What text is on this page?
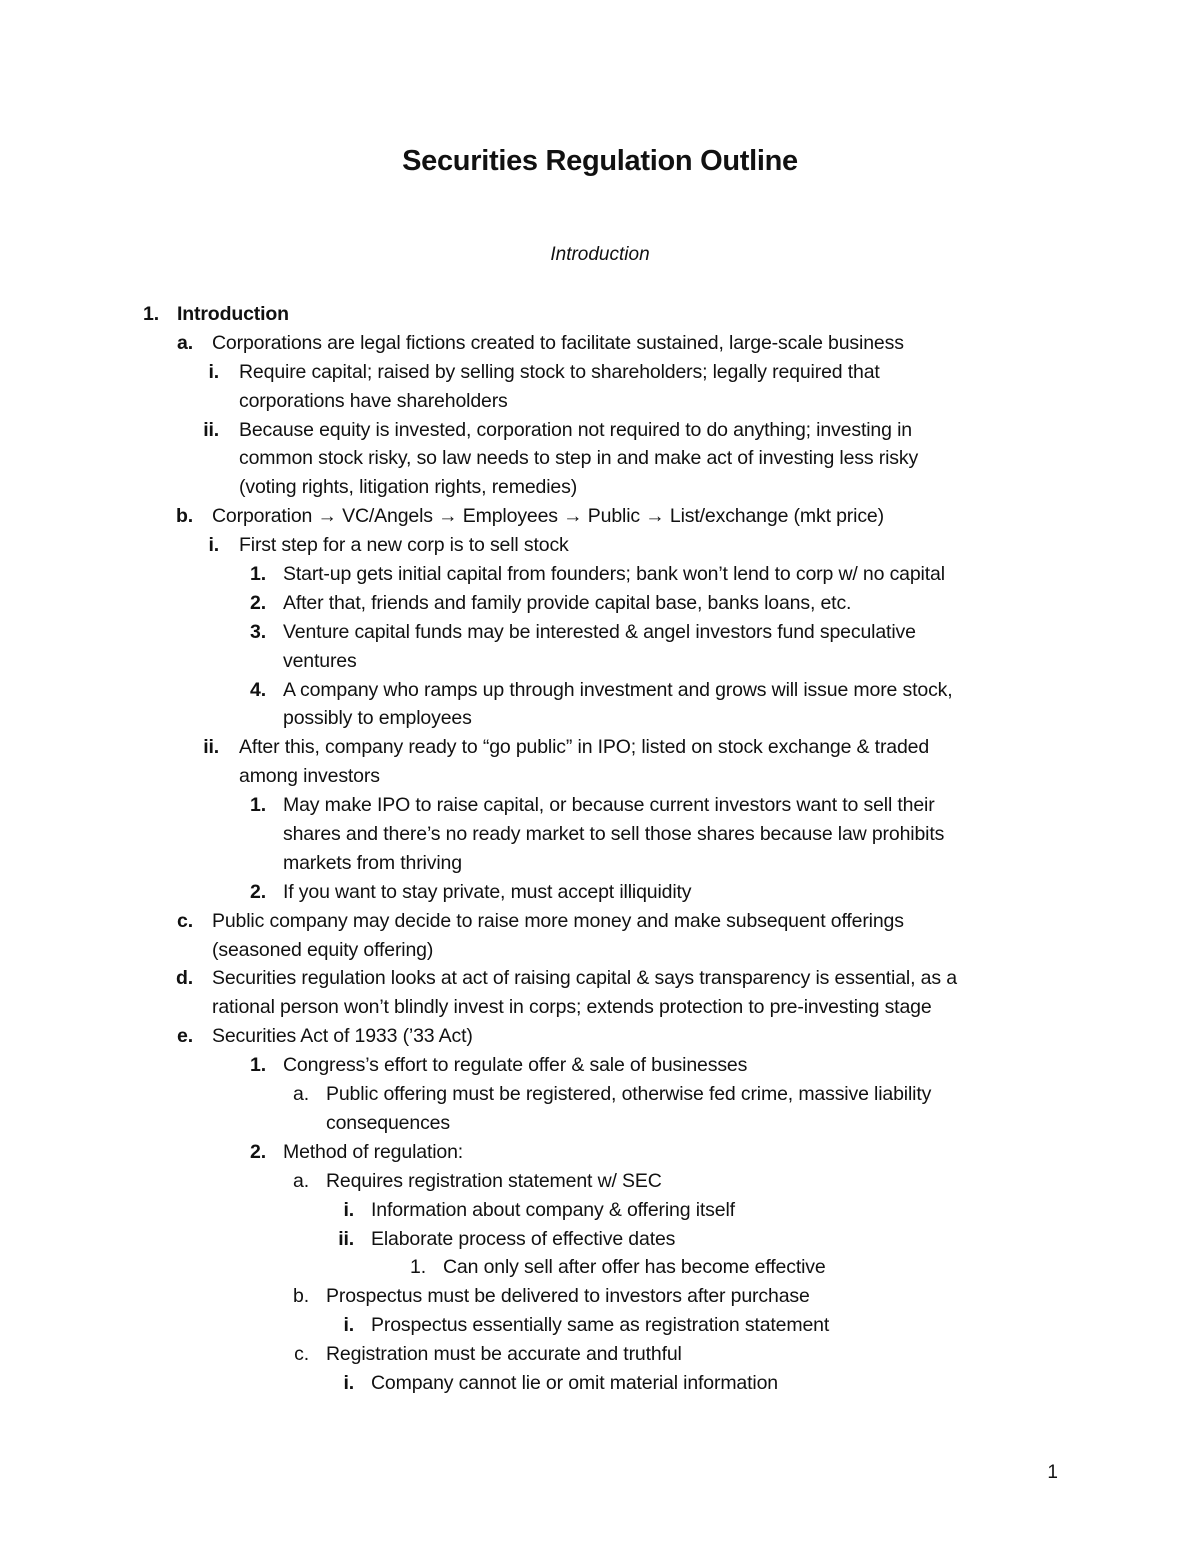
Securities Regulation Outline
Introduction
1. Introduction
a. Corporations are legal fictions created to facilitate sustained, large-scale business
i. Require capital; raised by selling stock to shareholders; legally required that
corporations have shareholders
ii. Because equity is invested, corporation not required to do anything; investing in
common stock risky, so law needs to step in and make act of investing less risky
(voting rights, litigation rights, remedies)
b. Corporation → VC/Angels → Employees → Public → List/exchange (mkt price)
i. First step for a new corp is to sell stock
1. Start-up gets initial capital from founders; bank won’t lend to corp w/ no capital
2. After that, friends and family provide capital base, banks loans, etc.
3. Venture capital funds may be interested & angel investors fund speculative
ventures
4. A company who ramps up through investment and grows will issue more stock,
possibly to employees
ii. After this, company ready to “go public” in IPO; listed on stock exchange & traded
among investors
1. May make IPO to raise capital, or because current investors want to sell their
shares and there’s no ready market to sell those shares because law prohibits
markets from thriving
2. If you want to stay private, must accept illiquidity
c. Public company may decide to raise more money and make subsequent offerings
(seasoned equity offering)
d. Securities regulation looks at act of raising capital & says transparency is essential, as a
rational person won’t blindly invest in corps; extends protection to pre-investing stage
e. Securities Act of 1933 (’33 Act)
1. Congress’s effort to regulate offer & sale of businesses
a. Public offering must be registered, otherwise fed crime, massive liability
consequences
2. Method of regulation:
a. Requires registration statement w/ SEC
i. Information about company & offering itself
ii. Elaborate process of effective dates
1. Can only sell after offer has become effective
b. Prospectus must be delivered to investors after purchase
i. Prospectus essentially same as registration statement
c. Registration must be accurate and truthful
i. Company cannot lie or omit material information
1
